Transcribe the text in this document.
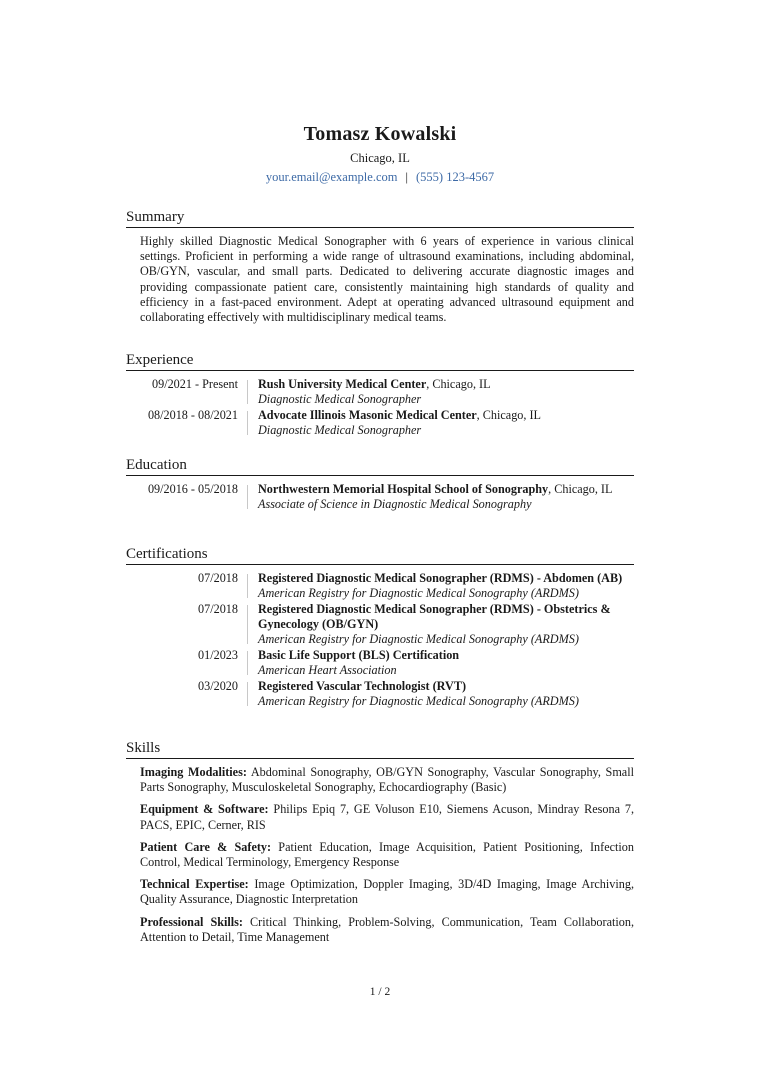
Tomasz Kowalski
Chicago, IL
your.email@example.com | (555) 123-4567
Summary
Highly skilled Diagnostic Medical Sonographer with 6 years of experience in various clinical settings. Proficient in performing a wide range of ultrasound examinations, including abdominal, OB/GYN, vascular, and small parts. Dedicated to delivering accurate diagnostic images and providing compassionate patient care, consistently maintaining high standards of quality and efficiency in a fast-paced environment. Adept at operating advanced ultrasound equipment and collaborating effectively with multidisciplinary medical teams.
Experience
09/2021 - Present	Rush University Medical Center, Chicago, IL
Diagnostic Medical Sonographer
08/2018 - 08/2021	Advocate Illinois Masonic Medical Center, Chicago, IL
Diagnostic Medical Sonographer
Education
09/2016 - 05/2018	Northwestern Memorial Hospital School of Sonography, Chicago, IL
Associate of Science in Diagnostic Medical Sonography
Certifications
07/2018	Registered Diagnostic Medical Sonographer (RDMS) - Abdomen (AB)
American Registry for Diagnostic Medical Sonography (ARDMS)
07/2018	Registered Diagnostic Medical Sonographer (RDMS) - Obstetrics & Gynecology (OB/GYN)
American Registry for Diagnostic Medical Sonography (ARDMS)
01/2023	Basic Life Support (BLS) Certification
American Heart Association
03/2020	Registered Vascular Technologist (RVT)
American Registry for Diagnostic Medical Sonography (ARDMS)
Skills
Imaging Modalities: Abdominal Sonography, OB/GYN Sonography, Vascular Sonography, Small Parts Sonography, Musculoskeletal Sonography, Echocardiography (Basic)
Equipment & Software: Philips Epiq 7, GE Voluson E10, Siemens Acuson, Mindray Resona 7, PACS, EPIC, Cerner, RIS
Patient Care & Safety: Patient Education, Image Acquisition, Patient Positioning, Infection Control, Medical Terminology, Emergency Response
Technical Expertise: Image Optimization, Doppler Imaging, 3D/4D Imaging, Image Archiving, Quality Assurance, Diagnostic Interpretation
Professional Skills: Critical Thinking, Problem-Solving, Communication, Team Collaboration, Attention to Detail, Time Management
1 / 2
